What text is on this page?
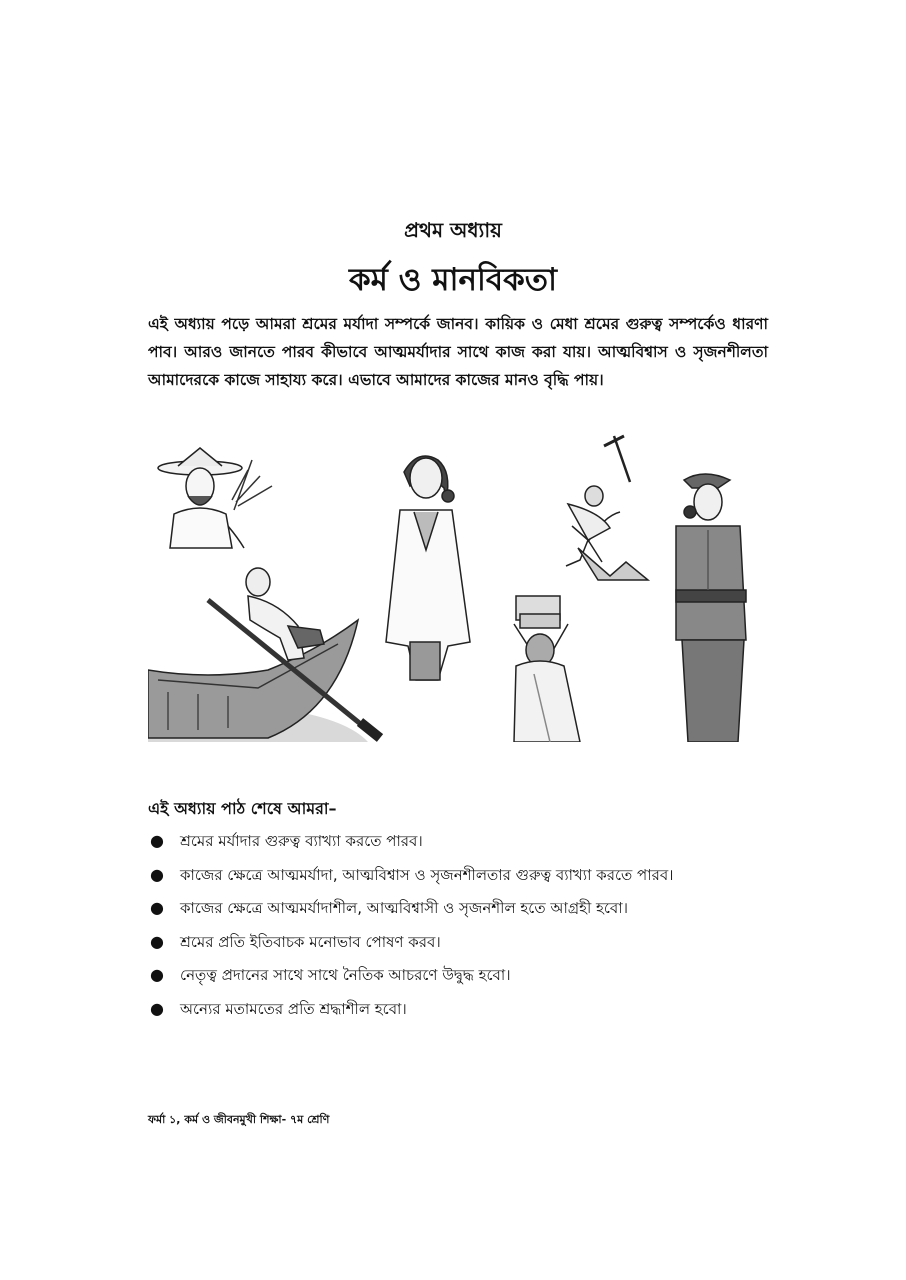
প্রথম অধ্যায়
কর্ম ও মানবিকতা
এই অধ্যায় পড়ে আমরা শ্রমের মর্যাদা সম্পর্কে জানব। কায়িক ও মেধা শ্রমের গুরুত্ব সম্পর্কেও ধারণা পাব। আরও জানতে পারব কীভাবে আত্মমর্যাদার সাথে কাজ করা যায়। আত্মবিশ্বাস ও সৃজনশীলতা আমাদেরকে কাজে সাহায্য করে। এভাবে আমাদের কাজের মানও বৃদ্ধি পায়।
এই অধ্যায় পাঠ শেষে আমরা–
● শ্রমের মর্যাদার গুরুত্ব ব্যাখ্যা করতে পারব।
● কাজের ক্ষেত্রে আত্মমর্যাদা, আত্মবিশ্বাস ও সৃজনশীলতার গুরুত্ব ব্যাখ্যা করতে পারব।
● কাজের ক্ষেত্রে আত্মমর্যাদাশীল, আত্মবিশ্বাসী ও সৃজনশীল হতে আগ্রহী হবো।
● শ্রমের প্রতি ইতিবাচক মনোভাব পোষণ করব।
● নেতৃত্ব প্রদানের সাথে সাথে নৈতিক আচরণে উদ্বুদ্ধ হবো।
● অন্যের মতামতের প্রতি শ্রদ্ধাশীল হবো।
ফর্মা ১, কর্ম ও জীবনমুখী শিক্ষা- ৭ম শ্রেণি
